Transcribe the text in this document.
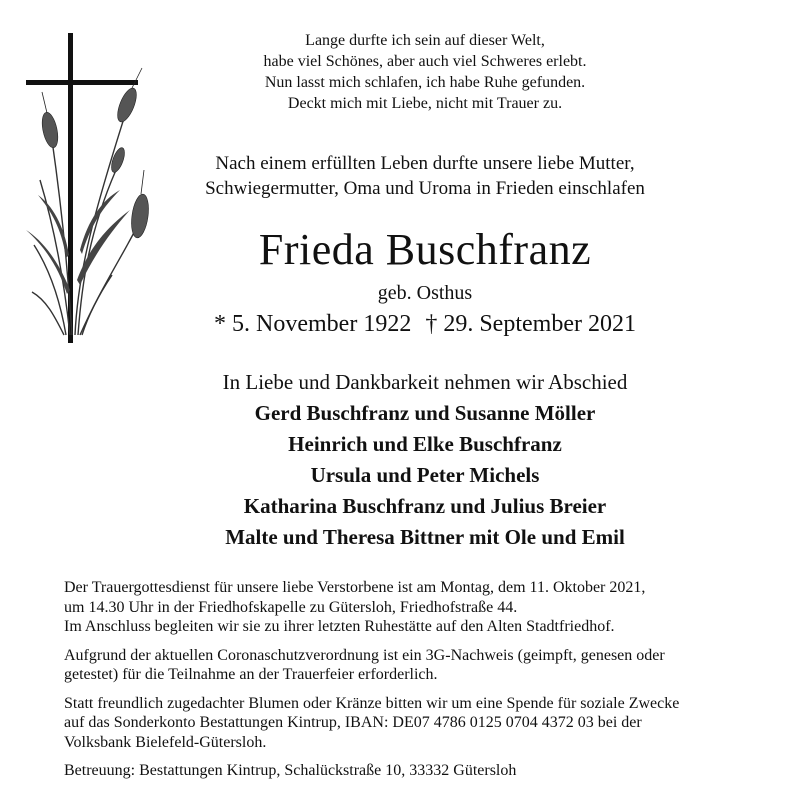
Lange durfte ich sein auf dieser Welt,
habe viel Schönes, aber auch viel Schweres erlebt.
Nun lasst mich schlafen, ich habe Ruhe gefunden.
Deckt mich mit Liebe, nicht mit Trauer zu.
Nach einem erfüllten Leben durfte unsere liebe Mutter,
Schwiegermutter, Oma und Uroma in Frieden einschlafen
Frieda Buschfranz
geb. Osthus
* 5. November 1922 † 29. September 2021
In Liebe und Dankbarkeit nehmen wir Abschied
Gerd Buschfranz und Susanne Möller
Heinrich und Elke Buschfranz
Ursula und Peter Michels
Katharina Buschfranz und Julius Breier
Malte und Theresa Bittner mit Ole und Emil

Der Trauergottesdienst für unsere liebe Verstorbene ist am Montag, dem 11. Oktober 2021,
um 14.30 Uhr in der Friedhofskapelle zu Gütersloh, Friedhofstraße 44.
Im Anschluss begleiten wir sie zu ihrer letzten Ruhestätte auf den Alten Stadtfriedhof.

Aufgrund der aktuellen Coronaschutzverordnung ist ein 3G-Nachweis (geimpft, genesen oder
getestet) für die Teilnahme an der Trauerfeier erforderlich.

Statt freundlich zugedachter Blumen oder Kränze bitten wir um eine Spende für soziale Zwecke
auf das Sonderkonto Bestattungen Kintrup, IBAN: DE07 4786 0125 0704 4372 03 bei der
Volksbank Bielefeld-Gütersloh.

Betreuung: Bestattungen Kintrup, Schalückstraße 10, 33332 Gütersloh
